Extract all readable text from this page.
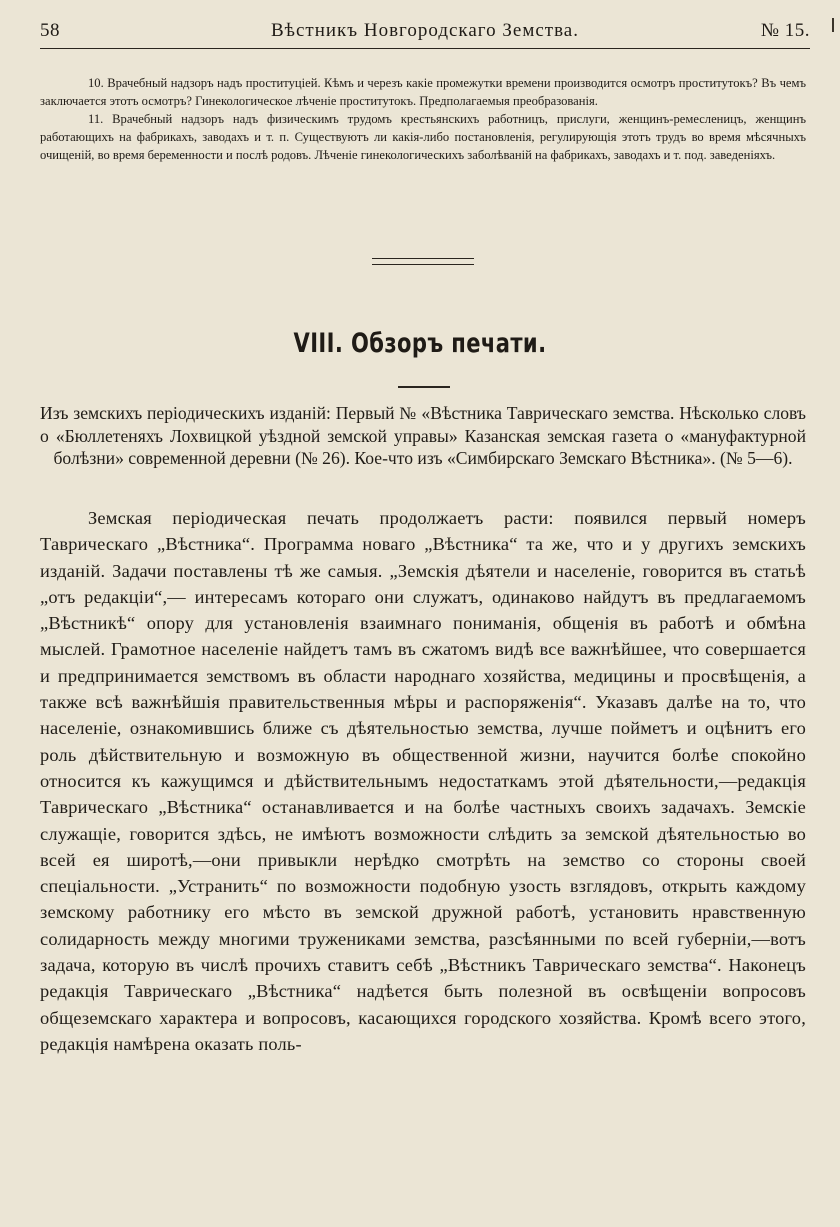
58	Вѣстникъ Новгородскаго Земства.	№ 15.

10. Врачебный надзоръ надъ проституціей. Кѣмъ и черезъ какіе промежутки времени производится осмотръ проститутокъ? Въ чемъ заключается этотъ осмотръ? Гинекологическое лѣченіе проститутокъ. Предполагаемыя преобразованія.

11. Врачебный надзоръ надъ физическимъ трудомъ крестьянскихъ работницъ, прислуги, женщинъ-ремесленицъ, женщинъ работающихъ на фабрикахъ, заводахъ и т. п. Существуютъ ли какія-либо постановленія, регулирующія этотъ трудъ во время мѣсячныхъ очищеній, во время беременности и послѣ родовъ. Лѣченіе гинекологическихъ заболѣваній на фабрикахъ, заводахъ и т. под. заведеніяхъ.

VIII. Обзоръ печати.
Изъ земскихъ періодическихъ изданій: Первый № «Вѣстника Таврическаго земства. Нѣсколько словъ о «Бюллетеняхъ Лохвицкой уѣздной земской управы» Казанская земская газета о «мануфактурной болѣзни» современной деревни (№ 26). Кое-что изъ «Симбирскаго Земскаго Вѣстника». (№ 5—6).
Земская періодическая печать продолжаетъ расти: появился первый номеръ Таврическаго „Вѣстника“. Программа новаго „Вѣстника“ та же, что и у другихъ земскихъ изданій. Задачи поставлены тѣ же самыя. „Земскія дѣятели и населеніе, говорится въ статьѣ „отъ редакціи“,— интересамъ котораго они служатъ, одинаково найдутъ въ предлагаемомъ „Вѣстникѣ“ опору для установленія взаимнаго пониманія, общенія въ работѣ и обмѣна мыслей. Грамотное населеніе найдетъ тамъ въ сжатомъ видѣ все важнѣйшее, что совершается и предпринимается земствомъ въ области народнаго хозяйства, медицины и просвѣщенія, а также всѣ важнѣйшія правительственныя мѣры и распоряженія“. Указавъ далѣе на то, что населеніе, ознакомившись ближе съ дѣятельностью земства, лучше пойметъ и оцѣнитъ его роль дѣйствительную и возможную въ общественной жизни, научится болѣе спокойно относится къ кажущимся и дѣйствительнымъ недостаткамъ этой дѣятельности,—редакція Таврическаго „Вѣстника“ останавливается и на болѣе частныхъ своихъ задачахъ. Земскіе служащіе, говорится здѣсь, не имѣютъ возможности слѣдить за земской дѣятельностью во всей ея широтѣ,—они привыкли нерѣдко смотрѣть на земство со стороны своей спеціальности. „Устранить“ по возможности подобную узость взглядовъ, открыть каждому земскому работнику его мѣсто въ земской дружной работѣ, установить нравственную солидарность между многими тружениками земства, разсѣянными по всей губерніи,—вотъ задача, которую въ числѣ прочихъ ставитъ себѣ „Вѣстникъ Таврическаго земства“. Наконецъ редакція Таврическаго „Вѣстника“ надѣется быть полезной въ освѣщеніи вопросовъ общеземскаго характера и вопросовъ, касающихся городского хозяйства. Кромѣ всего этого, редакція намѣрена оказать поль-
